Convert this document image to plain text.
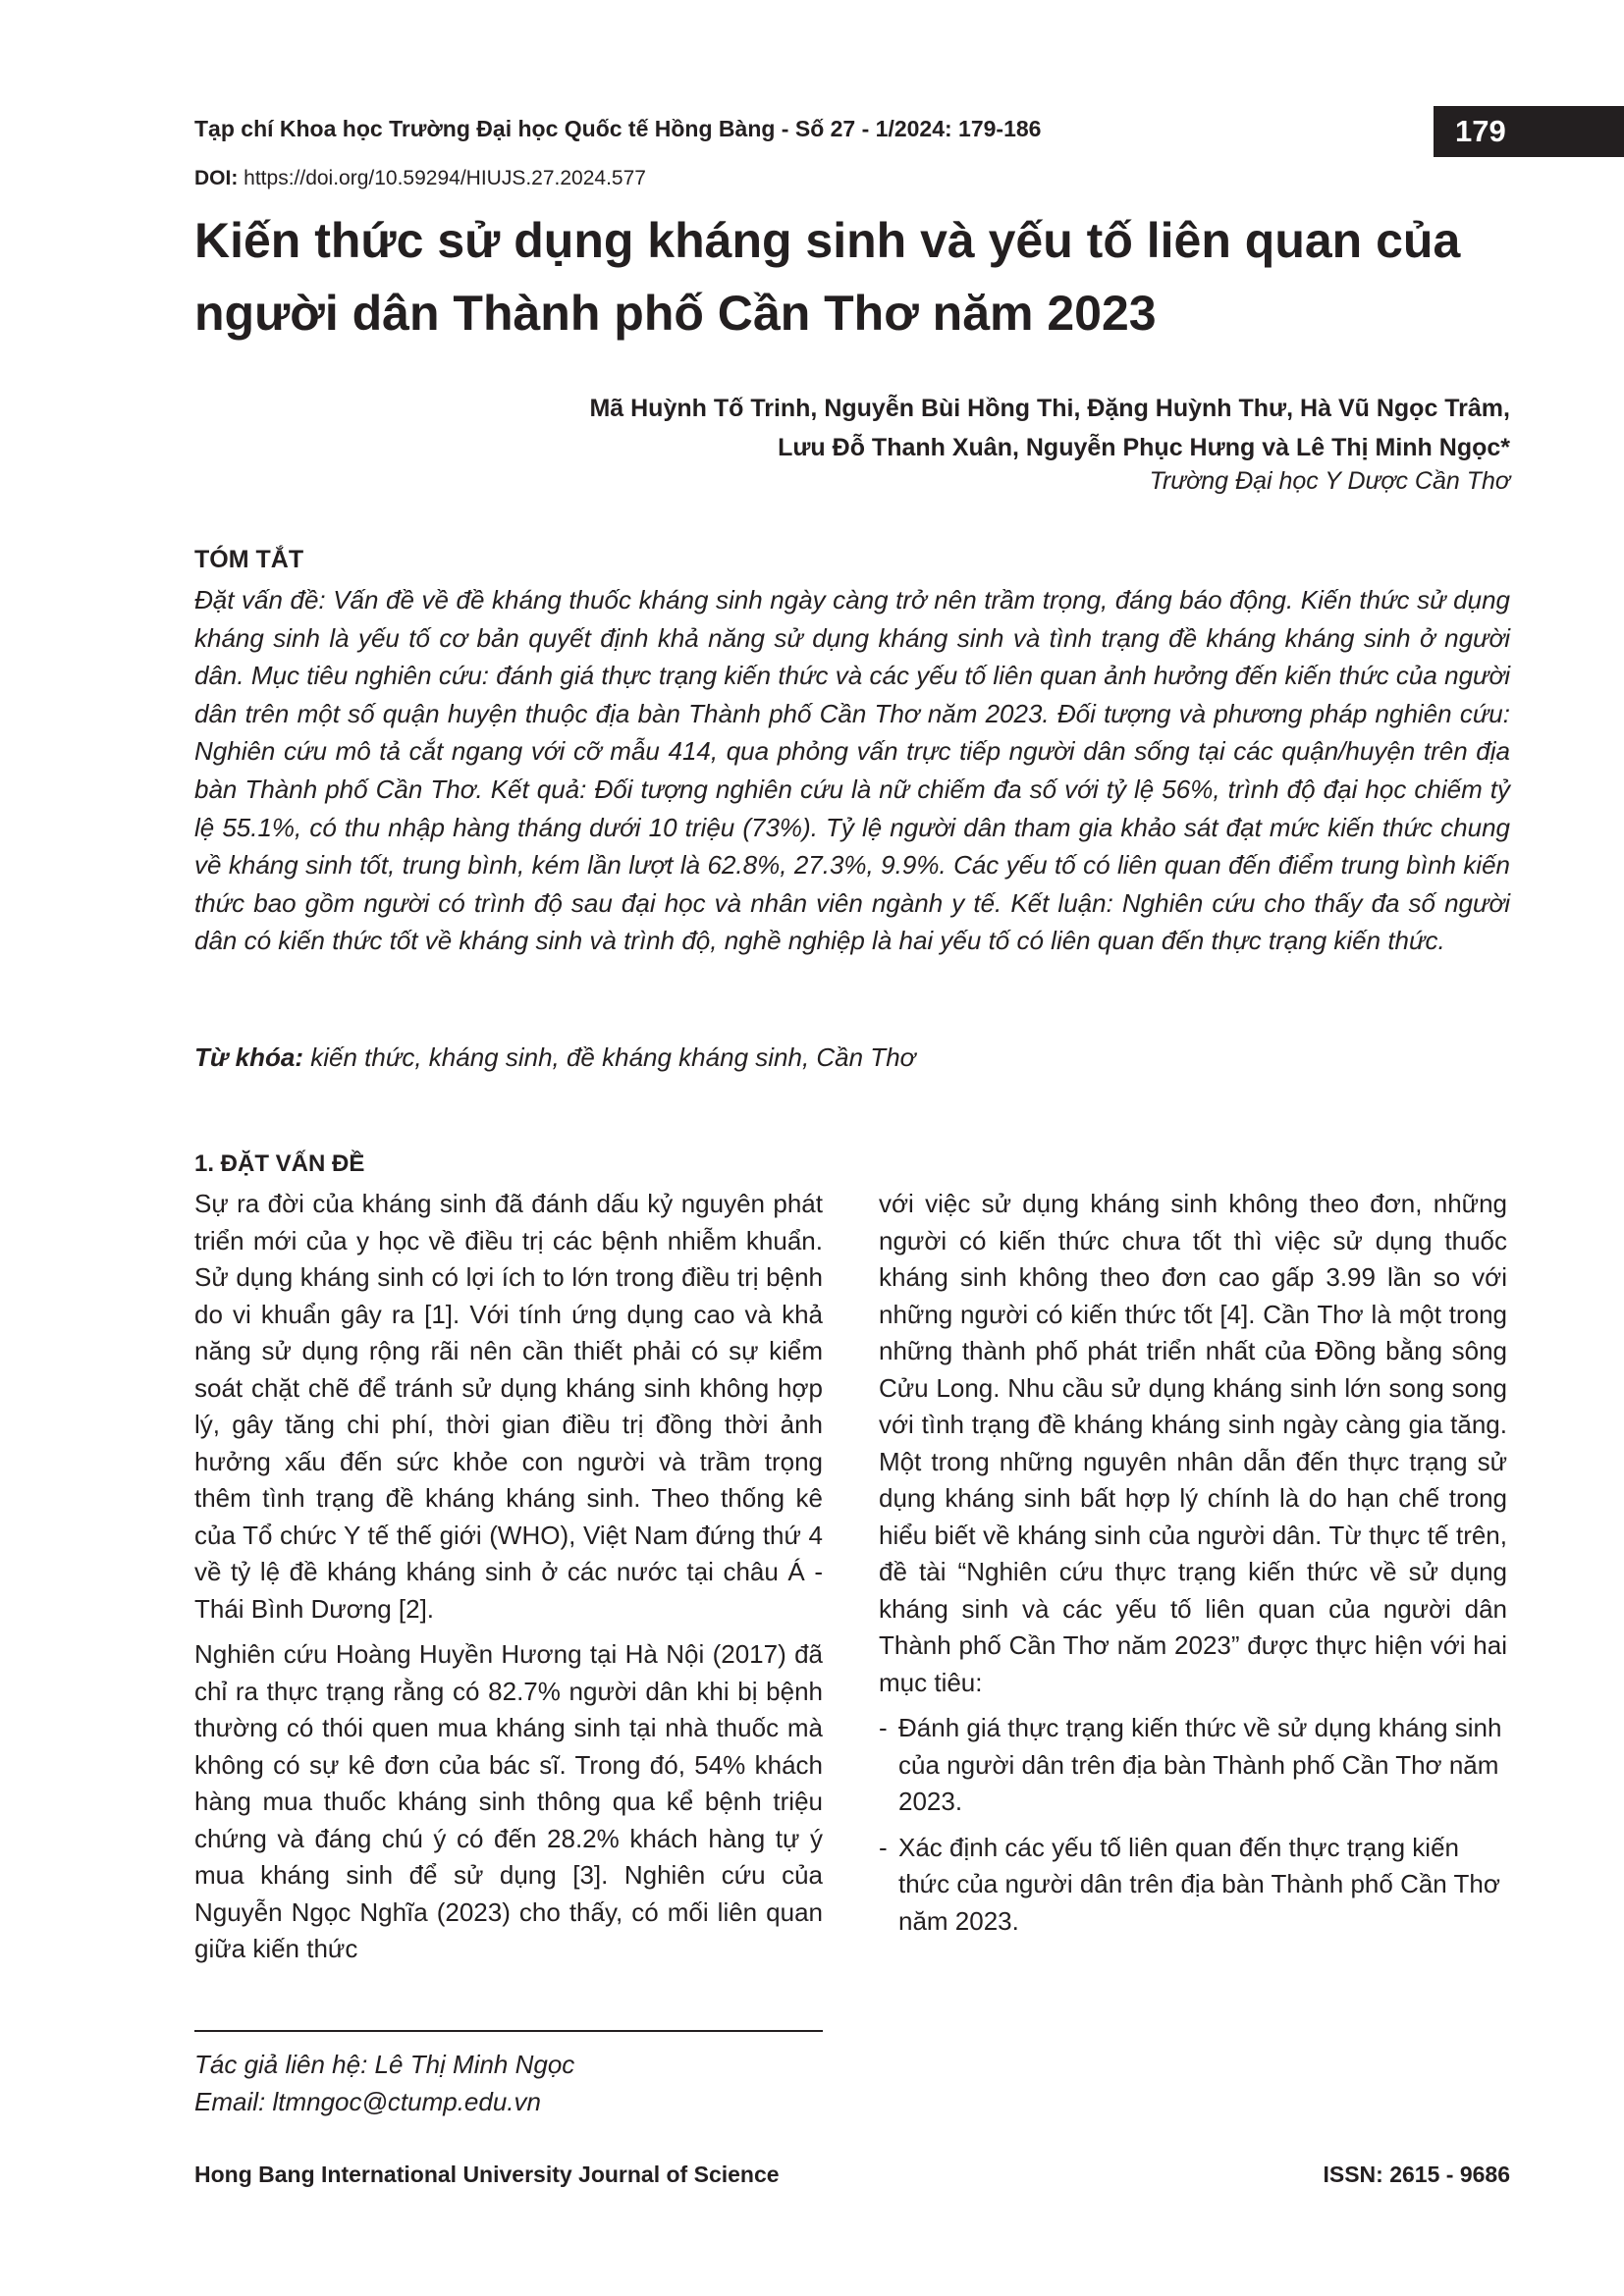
Tạp chí Khoa học Trường Đại học Quốc tế Hồng Bàng - Số 27 - 1/2024: 179-186	179
DOI: https://doi.org/10.59294/HIUJS.27.2024.577
Kiến thức sử dụng kháng sinh và yếu tố liên quan của người dân Thành phố Cần Thơ năm 2023
Mã Huỳnh Tố Trinh, Nguyễn Bùi Hồng Thi, Đặng Huỳnh Thư, Hà Vũ Ngọc Trâm,
Lưu Đỗ Thanh Xuân, Nguyễn Phục Hưng và Lê Thị Minh Ngọc*
Trường Đại học Y Dược Cần Thơ
TÓM TẮT

Đặt vấn đề: Vấn đề về đề kháng thuốc kháng sinh ngày càng trở nên trầm trọng, đáng báo động. Kiến thức sử dụng kháng sinh là yếu tố cơ bản quyết định khả năng sử dụng kháng sinh và tình trạng đề kháng kháng sinh ở người dân. Mục tiêu nghiên cứu: đánh giá thực trạng kiến thức và các yếu tố liên quan ảnh hưởng đến kiến thức của người dân trên một số quận huyện thuộc địa bàn Thành phố Cần Thơ năm 2023. Đối tượng và phương pháp nghiên cứu: Nghiên cứu mô tả cắt ngang với cỡ mẫu 414, qua phỏng vấn trực tiếp người dân sống tại các quận/huyện trên địa bàn Thành phố Cần Thơ. Kết quả: Đối tượng nghiên cứu là nữ chiếm đa số với tỷ lệ 56%, trình độ đại học chiếm tỷ lệ 55.1%, có thu nhập hàng tháng dưới 10 triệu (73%). Tỷ lệ người dân tham gia khảo sát đạt mức kiến thức chung về kháng sinh tốt, trung bình, kém lần lượt là 62.8%, 27.3%, 9.9%. Các yếu tố có liên quan đến điểm trung bình kiến thức bao gồm người có trình độ sau đại học và nhân viên ngành y tế. Kết luận: Nghiên cứu cho thấy đa số người dân có kiến thức tốt về kháng sinh và trình độ, nghề nghiệp là hai yếu tố có liên quan đến thực trạng kiến thức.

Từ khóa: kiến thức, kháng sinh, đề kháng kháng sinh, Cần Thơ
1. ĐẶT VẤN ĐỀ

Sự ra đời của kháng sinh đã đánh dấu kỷ nguyên phát triển mới của y học về điều trị các bệnh nhiễm khuẩn. Sử dụng kháng sinh có lợi ích to lớn trong điều trị bệnh do vi khuẩn gây ra [1]. Với tính ứng dụng cao và khả năng sử dụng rộng rãi nên cần thiết phải có sự kiểm soát chặt chẽ để tránh sử dụng kháng sinh không hợp lý, gây tăng chi phí, thời gian điều trị đồng thời ảnh hưởng xấu đến sức khỏe con người và trầm trọng thêm tình trạng đề kháng kháng sinh. Theo thống kê của Tổ chức Y tế thế giới (WHO), Việt Nam đứng thứ 4 về tỷ lệ đề kháng kháng sinh ở các nước tại châu Á - Thái Bình Dương [2].

Nghiên cứu Hoàng Huyền Hương tại Hà Nội (2017) đã chỉ ra thực trạng rằng có 82.7% người dân khi bị bệnh thường có thói quen mua kháng sinh tại nhà thuốc mà không có sự kê đơn của bác sĩ. Trong đó, 54% khách hàng mua thuốc kháng sinh thông qua kể bệnh triệu chứng và đáng chú ý có đến 28.2% khách hàng tự ý mua kháng sinh để sử dụng [3]. Nghiên cứu của Nguyễn Ngọc Nghĩa (2023) cho thấy, có mối liên quan giữa kiến thức

với việc sử dụng kháng sinh không theo đơn, những người có kiến thức chưa tốt thì việc sử dụng thuốc kháng sinh không theo đơn cao gấp 3.99 lần so với những người có kiến thức tốt [4]. Cần Thơ là một trong những thành phố phát triển nhất của Đồng bằng sông Cửu Long. Nhu cầu sử dụng kháng sinh lớn song song với tình trạng đề kháng kháng sinh ngày càng gia tăng. Một trong những nguyên nhân dẫn đến thực trạng sử dụng kháng sinh bất hợp lý chính là do hạn chế trong hiểu biết về kháng sinh của người dân. Từ thực tế trên, đề tài “Nghiên cứu thực trạng kiến thức về sử dụng kháng sinh và các yếu tố liên quan của người dân Thành phố Cần Thơ năm 2023” được thực hiện với hai mục tiêu:

- Đánh giá thực trạng kiến thức về sử dụng kháng sinh của người dân trên địa bàn Thành phố Cần Thơ năm 2023.
- Xác định các yếu tố liên quan đến thực trạng kiến thức của người dân trên địa bàn Thành phố Cần Thơ năm 2023.
Tác giả liên hệ: Lê Thị Minh Ngọc
Email: ltmngoc@ctump.edu.vn
Hong Bang International University Journal of Science	ISSN: 2615 - 9686
